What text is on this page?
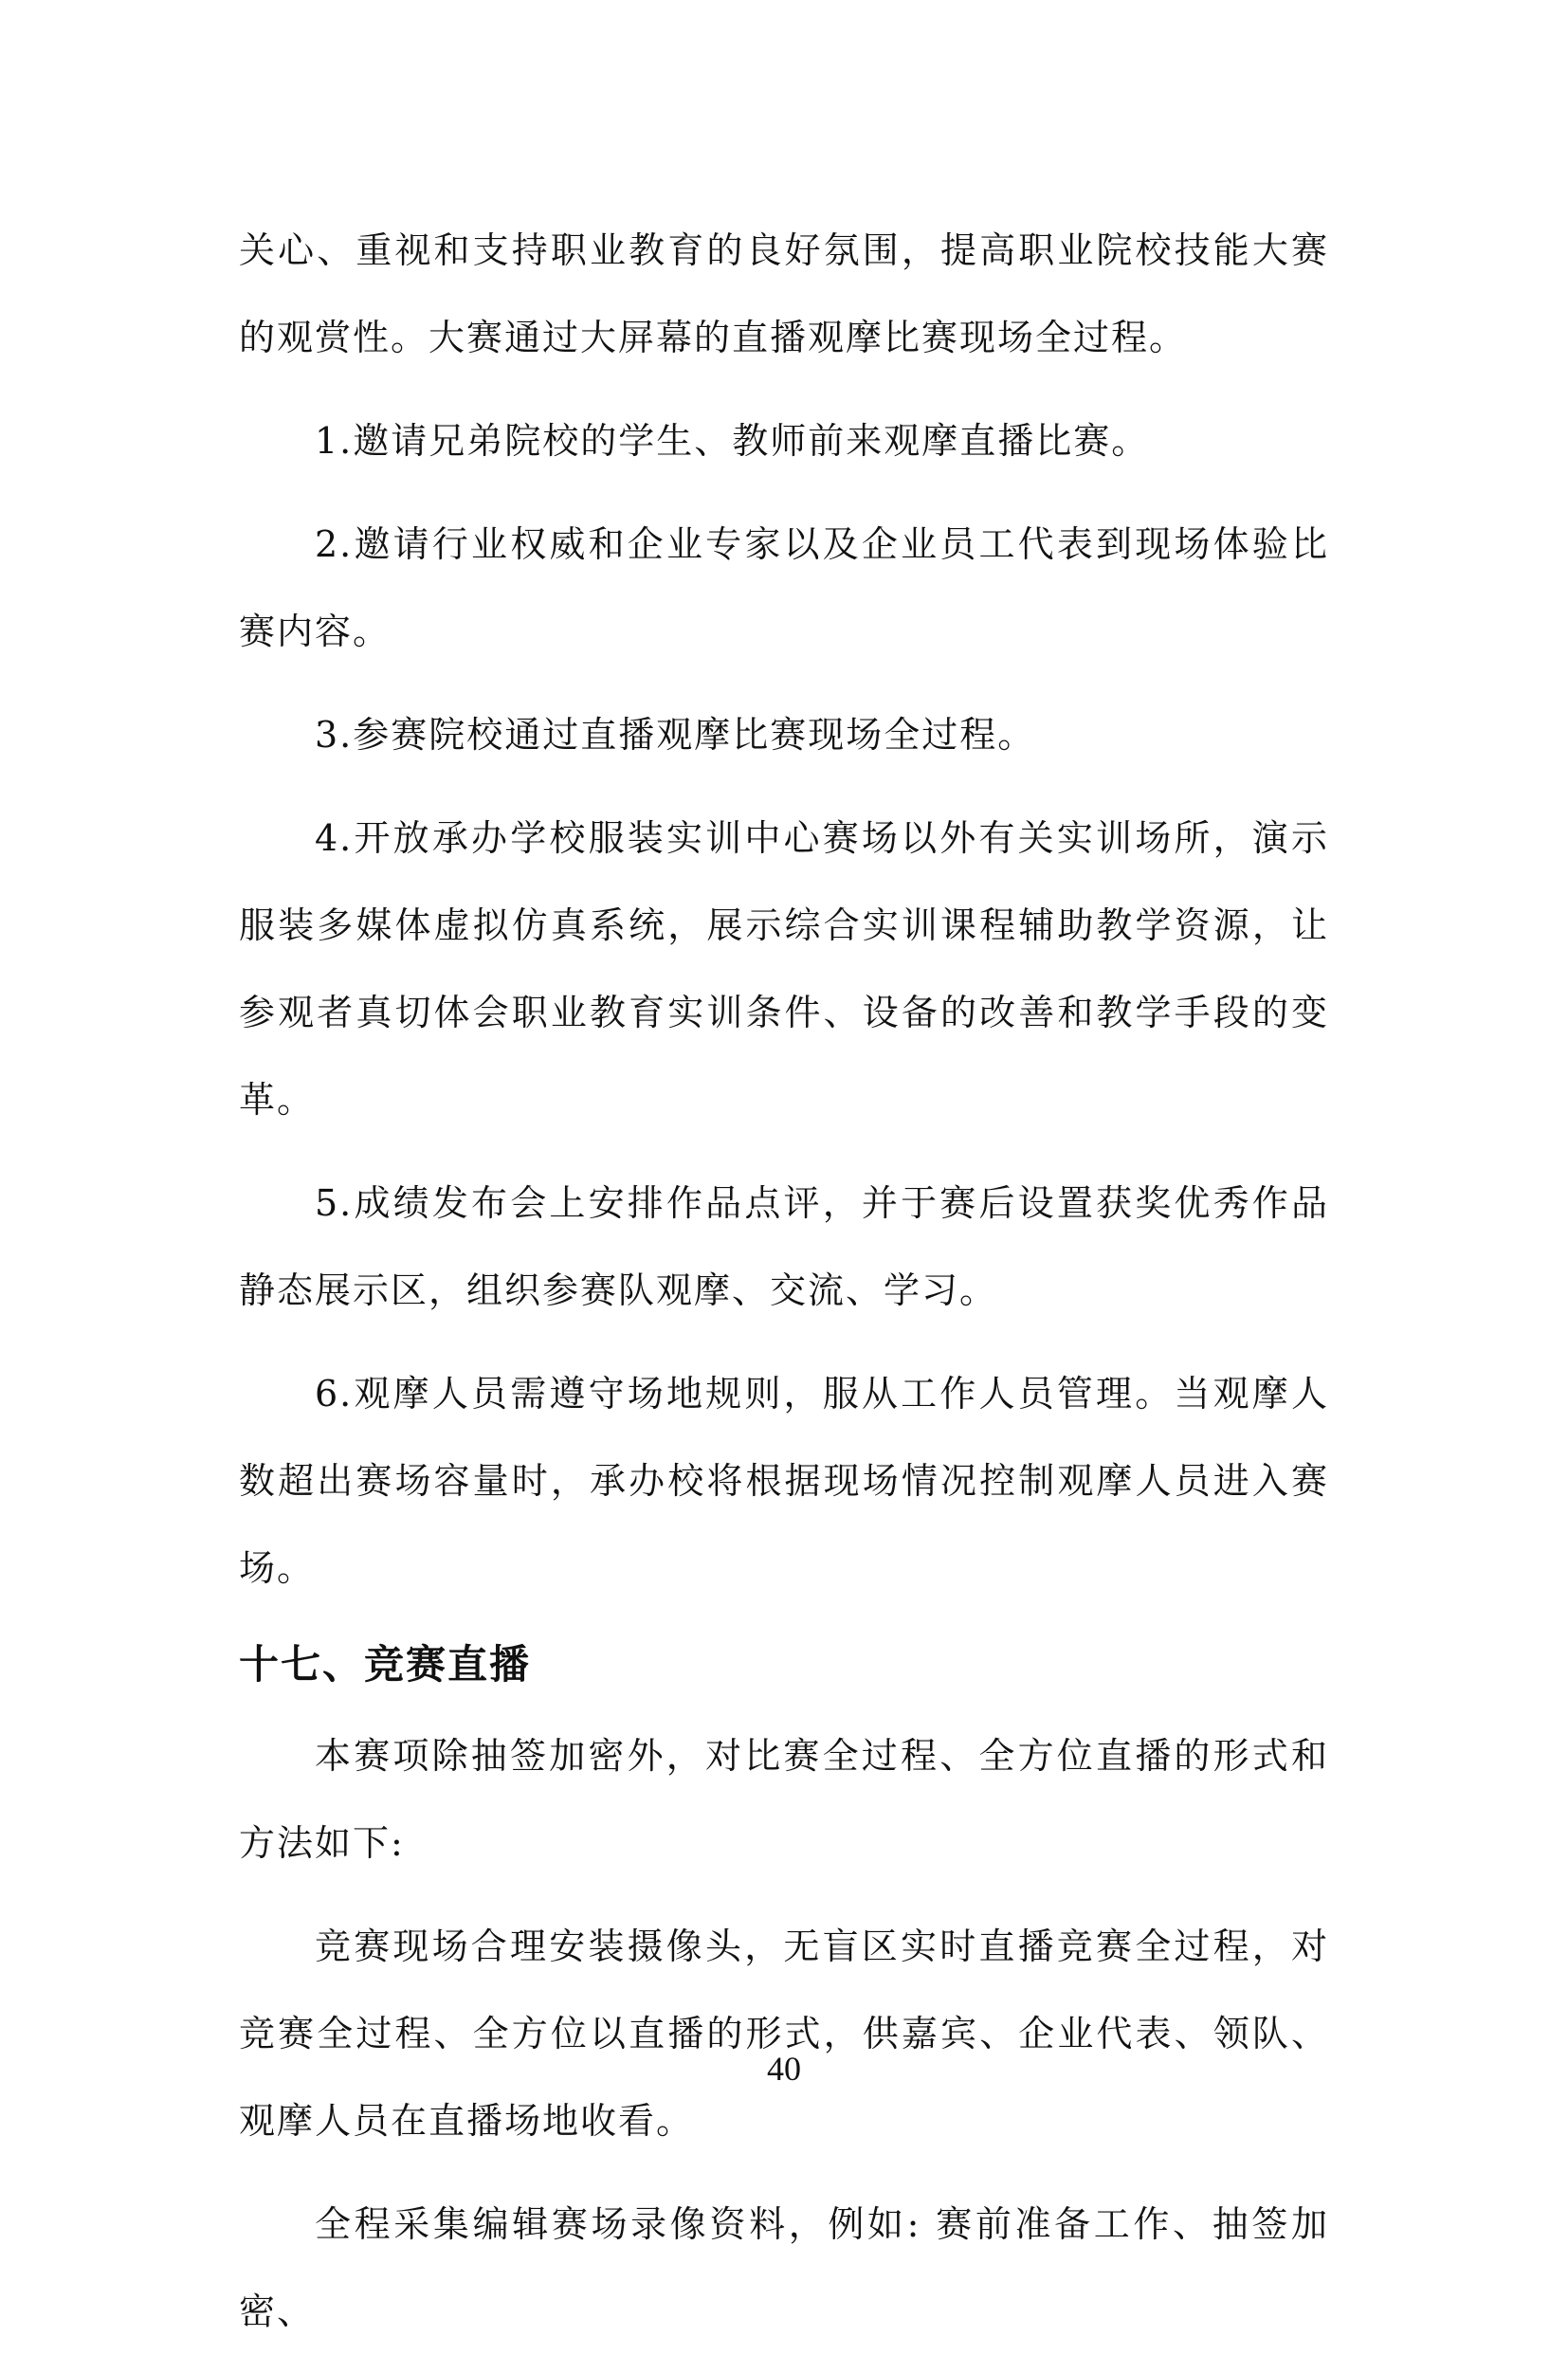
关心、重视和支持职业教育的良好氛围，提高职业院校技能大赛的观赏性。大赛通过大屏幕的直播观摩比赛现场全过程。

1.邀请兄弟院校的学生、教师前来观摩直播比赛。

2.邀请行业权威和企业专家以及企业员工代表到现场体验比赛内容。

3.参赛院校通过直播观摩比赛现场全过程。

4.开放承办学校服装实训中心赛场以外有关实训场所，演示服装多媒体虚拟仿真系统，展示综合实训课程辅助教学资源，让参观者真切体会职业教育实训条件、设备的改善和教学手段的变革。

5.成绩发布会上安排作品点评，并于赛后设置获奖优秀作品静态展示区，组织参赛队观摩、交流、学习。

6.观摩人员需遵守场地规则，服从工作人员管理。当观摩人数超出赛场容量时，承办校将根据现场情况控制观摩人员进入赛场。

十七、竞赛直播

本赛项除抽签加密外，对比赛全过程、全方位直播的形式和方法如下:

竞赛现场合理安装摄像头，无盲区实时直播竞赛全过程，对竞赛全过程、全方位以直播的形式，供嘉宾、企业代表、领队、观摩人员在直播场地收看。

全程采集编辑赛场录像资料，例如: 赛前准备工作、抽签加密、

40
